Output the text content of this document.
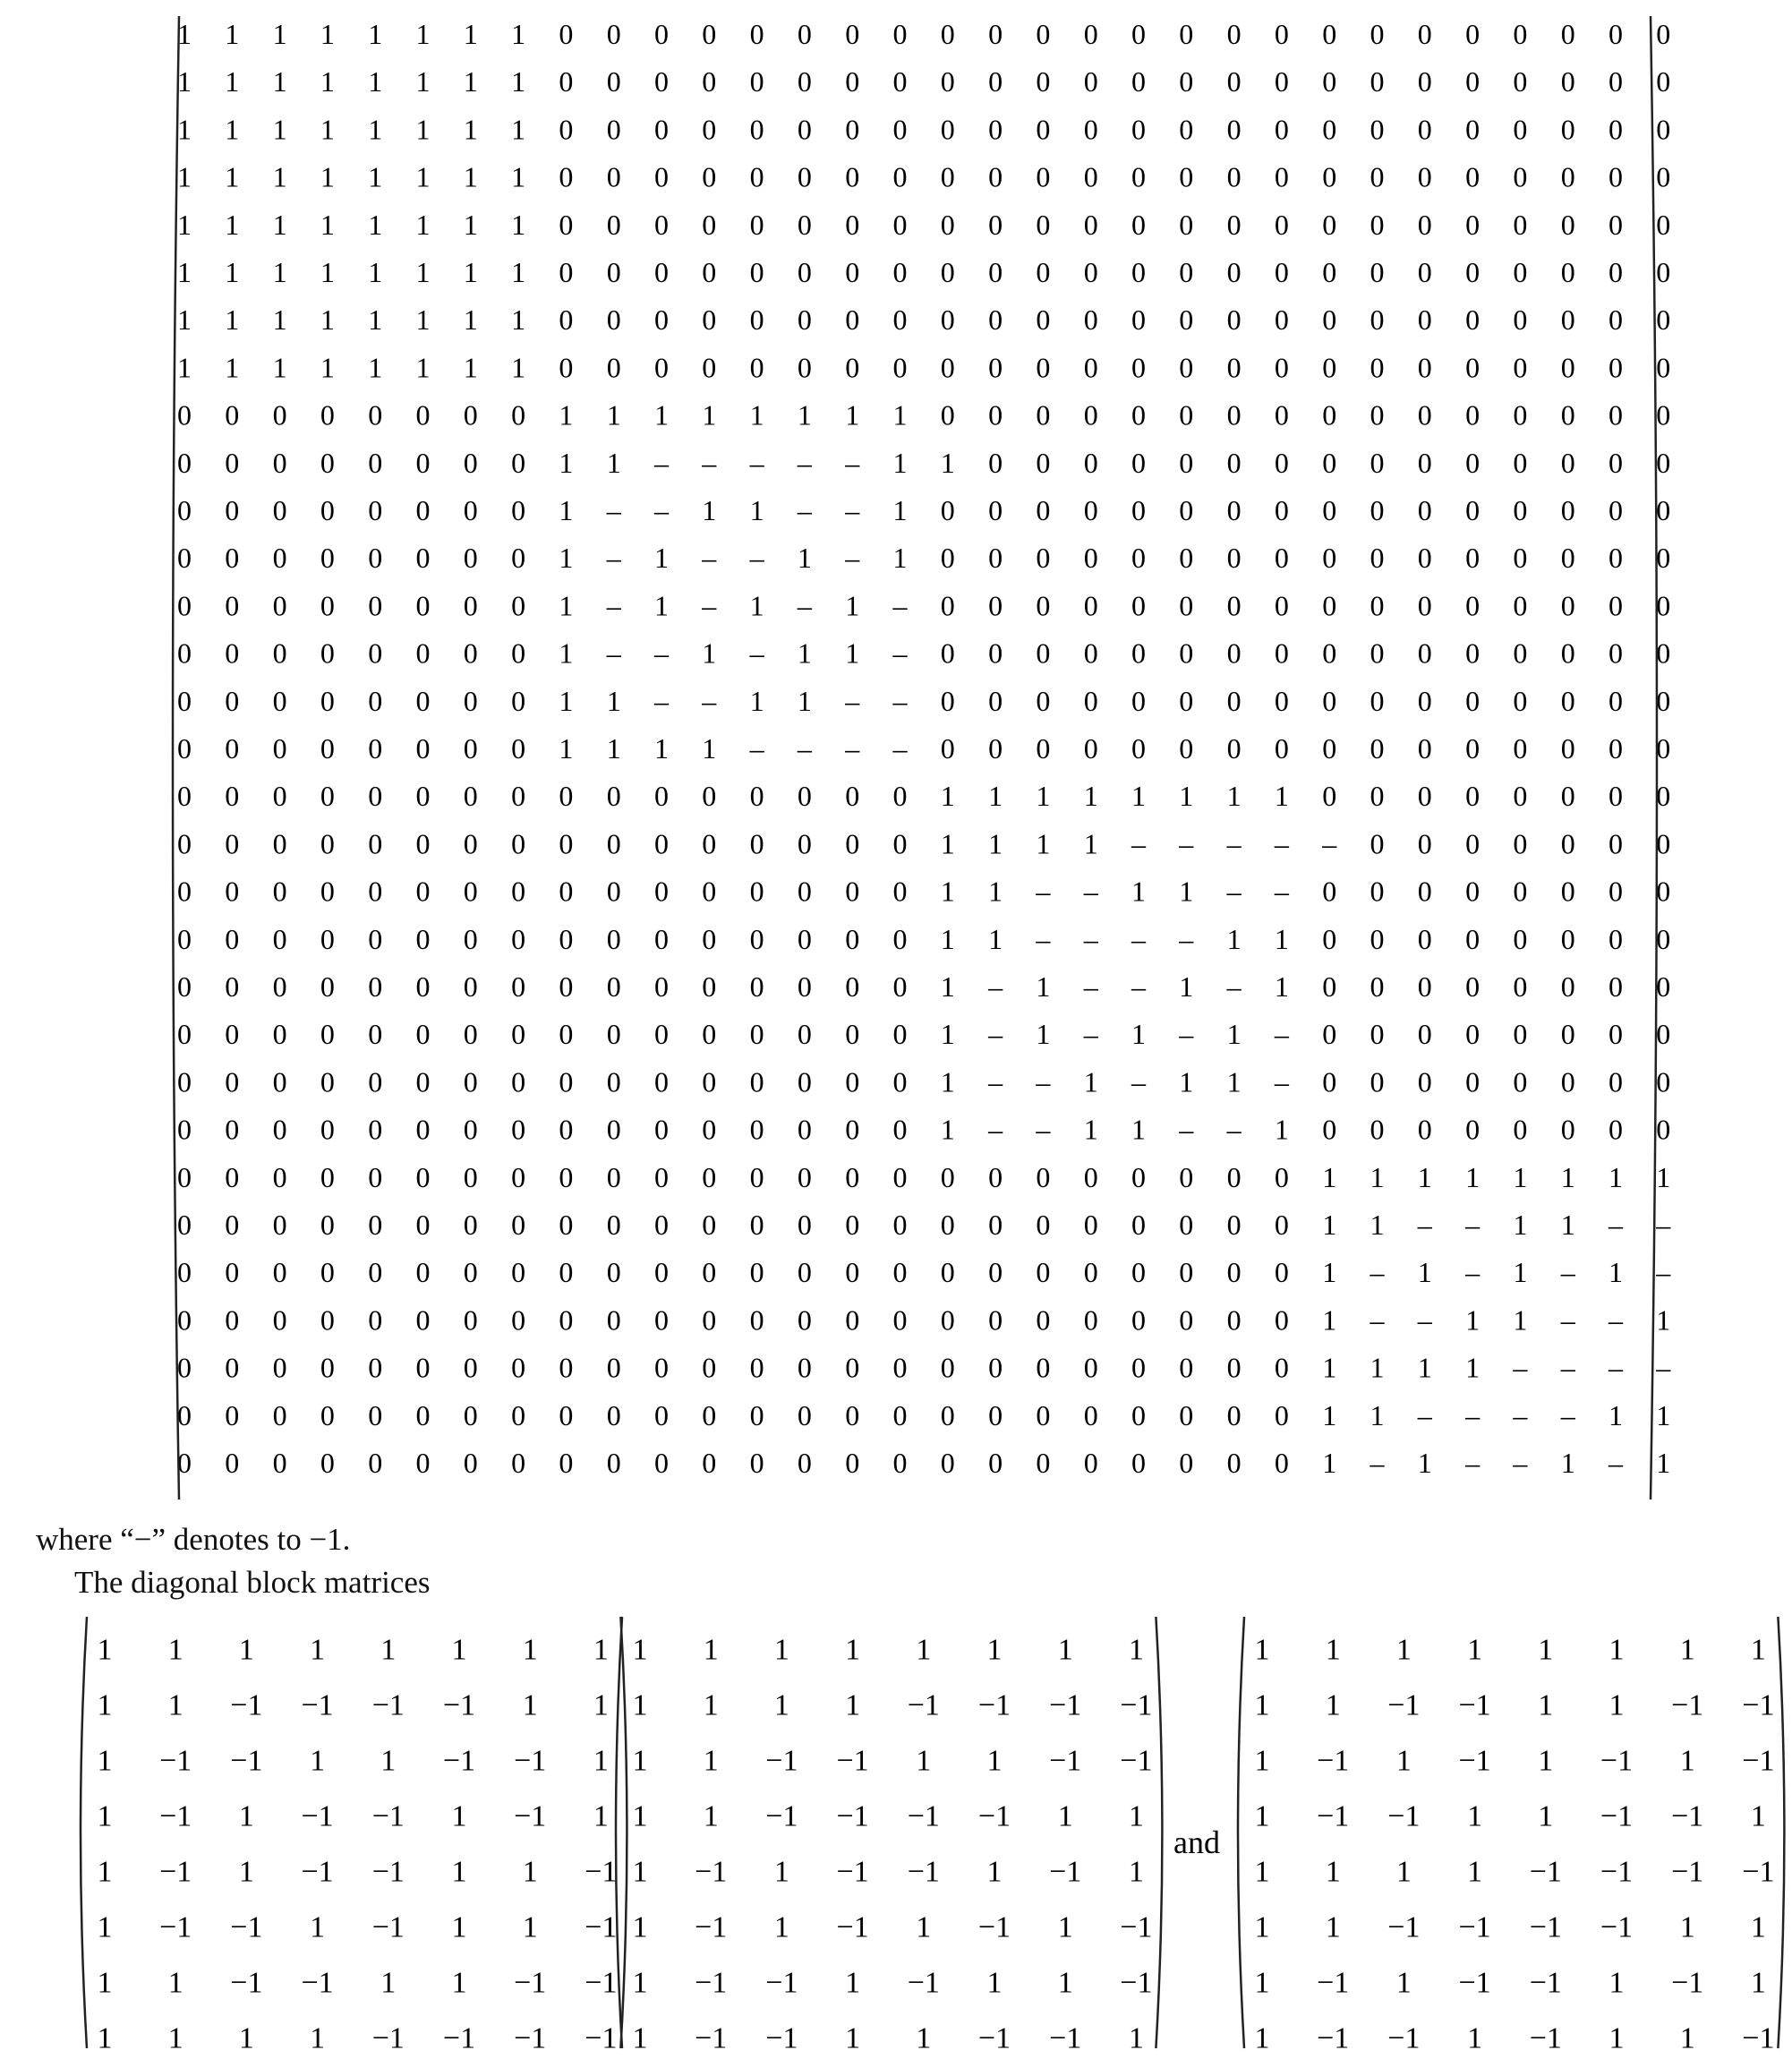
1 1 1 1 1 1 1 1 0 0 0 0 0 0 0 0 0 0 0 0 0 0 0 0 0 0 0 0 0 0 0 0
1 1 1 1 1 1 1 1 0 0 0 0 0 0 0 0 0 0 0 0 0 0 0 0 0 0 0 0 0 0 0 0
1 1 1 1 1 1 1 1 0 0 0 0 0 0 0 0 0 0 0 0 0 0 0 0 0 0 0 0 0 0 0 0
1 1 1 1 1 1 1 1 0 0 0 0 0 0 0 0 0 0 0 0 0 0 0 0 0 0 0 0 0 0 0 0
1 1 1 1 1 1 1 1 0 0 0 0 0 0 0 0 0 0 0 0 0 0 0 0 0 0 0 0 0 0 0 0
1 1 1 1 1 1 1 1 0 0 0 0 0 0 0 0 0 0 0 0 0 0 0 0 0 0 0 0 0 0 0 0
1 1 1 1 1 1 1 1 0 0 0 0 0 0 0 0 0 0 0 0 0 0 0 0 0 0 0 0 0 0 0 0
1 1 1 1 1 1 1 1 0 0 0 0 0 0 0 0 0 0 0 0 0 0 0 0 0 0 0 0 0 0 0 0
0 0 0 0 0 0 0 0 1 1 1 1 1 1 1 1 0 0 0 0 0 0 0 0 0 0 0 0 0 0 0 0
0 0 0 0 0 0 0 0 1 1 – – – – – 1 1 0 0 0 0 0 0 0 0 0 0 0 0 0 0 0
0 0 0 0 0 0 0 0 1 – – 1 1 – – 1 0 0 0 0 0 0 0 0 0 0 0 0 0 0 0 0
0 0 0 0 0 0 0 0 1 – 1 – – 1 – 1 0 0 0 0 0 0 0 0 0 0 0 0 0 0 0 0
0 0 0 0 0 0 0 0 1 – 1 – 1 – 1 – 0 0 0 0 0 0 0 0 0 0 0 0 0 0 0 0
0 0 0 0 0 0 0 0 1 – – 1 – 1 1 – 0 0 0 0 0 0 0 0 0 0 0 0 0 0 0 0
0 0 0 0 0 0 0 0 1 1 – – 1 1 – – 0 0 0 0 0 0 0 0 0 0 0 0 0 0 0 0
0 0 0 0 0 0 0 0 1 1 1 1 – – – – 0 0 0 0 0 0 0 0 0 0 0 0 0 0 0 0
0 0 0 0 0 0 0 0 0 0 0 0 0 0 0 0 1 1 1 1 1 1 1 1 0 0 0 0 0 0 0 0
0 0 0 0 0 0 0 0 0 0 0 0 0 0 0 0 1 1 1 1 – – – – – 0 0 0 0 0 0 0
0 0 0 0 0 0 0 0 0 0 0 0 0 0 0 0 1 1 – – 1 1 – – 0 0 0 0 0 0 0 0
0 0 0 0 0 0 0 0 0 0 0 0 0 0 0 0 1 1 – – – – 1 1 0 0 0 0 0 0 0 0
0 0 0 0 0 0 0 0 0 0 0 0 0 0 0 0 1 – 1 – – 1 – 1 0 0 0 0 0 0 0 0
0 0 0 0 0 0 0 0 0 0 0 0 0 0 0 0 1 – 1 – 1 – 1 – 0 0 0 0 0 0 0 0
0 0 0 0 0 0 0 0 0 0 0 0 0 0 0 0 1 – – 1 – 1 1 – 0 0 0 0 0 0 0 0
0 0 0 0 0 0 0 0 0 0 0 0 0 0 0 0 1 – – 1 1 – – 1 0 0 0 0 0 0 0 0
0 0 0 0 0 0 0 0 0 0 0 0 0 0 0 0 0 0 0 0 0 0 0 0 1 1 1 1 1 1 1 1
0 0 0 0 0 0 0 0 0 0 0 0 0 0 0 0 0 0 0 0 0 0 0 0 1 1 – – 1 1 – –
0 0 0 0 0 0 0 0 0 0 0 0 0 0 0 0 0 0 0 0 0 0 0 0 1 – 1 – 1 – 1 –
0 0 0 0 0 0 0 0 0 0 0 0 0 0 0 0 0 0 0 0 0 0 0 0 1 – – 1 1 – – 1
0 0 0 0 0 0 0 0 0 0 0 0 0 0 0 0 0 0 0 0 0 0 0 0 1 1 1 1 – – – –
0 0 0 0 0 0 0 0 0 0 0 0 0 0 0 0 0 0 0 0 0 0 0 0 1 1 – – – – 1 1
0 0 0 0 0 0 0 0 0 0 0 0 0 0 0 0 0 0 0 0 0 0 0 0 1 – 1 – – 1 – 1
where “−” denotes to −1.
The diagonal block matrices
1 1 1 1 1 1 1 1
1 1 −1 −1 −1 −1 1 1
1 −1 −1 1 1 −1 −1 1
1 −1 1 −1 −1 1 −1 1
1 −1 1 −1 −1 1 1 −1
1 −1 −1 1 −1 1 1 −1
1 1 −1 −1 1 1 −1 −1
1 1 1 1 −1 −1 −1 −1
1 1 1 1 1 1 1 1
1 1 1 1 −1 −1 −1 −1
1 1 −1 −1 1 1 −1 −1
1 1 −1 −1 −1 −1 1 1
1 −1 1 −1 −1 1 −1 1
1 −1 1 −1 1 −1 1 −1
1 −1 −1 1 −1 1 1 −1
1 −1 −1 1 1 −1 −1 1
1 1 1 1 1 1 1 1
1 1 −1 −1 1 1 −1 −1
1 −1 1 −1 1 −1 1 −1
1 −1 −1 1 1 −1 −1 1
1 1 1 1 −1 −1 −1 −1
1 1 −1 −1 −1 −1 1 1
1 −1 1 −1 −1 1 −1 1
1 −1 −1 1 −1 1 1 −1
and
